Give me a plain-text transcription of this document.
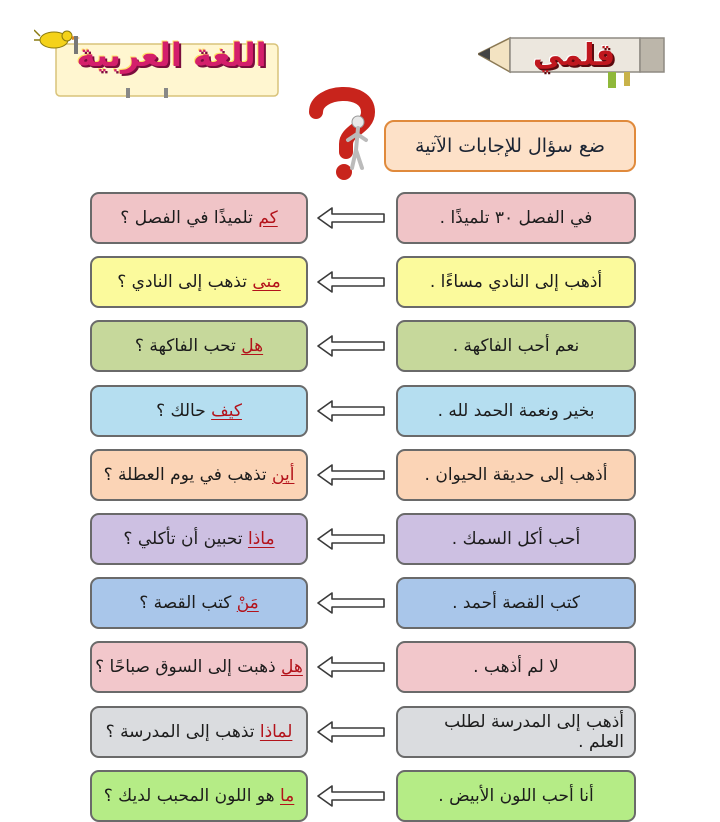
قلمي
اللغة العربية
ضع سؤال للإجابات الآتية
في الفصل ٣٠ تلميذًا .
كم
تلميذًا في الفصل ؟
أذهب إلى النادي مساءًا .
متى
تذهب إلى النادي ؟
نعم أحب الفاكهة .
هل
تحب الفاكهة ؟
بخير ونعمة الحمد لله .
كيف
حالك ؟
أذهب إلى حديقة الحيوان .
أين
تذهب في يوم العطلة ؟
أحب أكل السمك .
ماذا
تحبين أن تأكلي ؟
كتب القصة أحمد .
مَنْ
كتب القصة ؟
لا لم أذهب .
هل
ذهبت إلى السوق صباحًا ؟
أذهب إلى المدرسة لطلب العلم .
لماذا
تذهب إلى المدرسة ؟
أنا أحب اللون الأبيض .
ما
هو اللون المحبب لديك ؟
